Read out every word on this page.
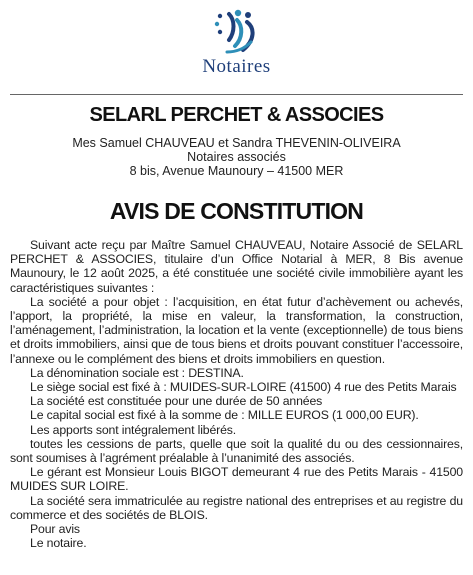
Notaires
SELARL PERCHET & ASSOCIES
Mes Samuel CHAUVEAU et Sandra THEVENIN-OLIVEIRA
Notaires associés
8 bis, Avenue Maunoury – 41500 MER
AVIS DE CONSTITUTION

Suivant acte reçu par Maître Samuel CHAUVEAU, Notaire Associé de SELARL PERCHET & ASSOCIES, titulaire d’un Office Notarial à MER, 8 Bis avenue Maunoury, le 12 août 2025, a été constituée une société civile immobilière ayant les caractéristiques suivantes :

La société a pour objet : l’acquisition, en état futur d’achèvement ou achevés, l’apport, la propriété, la mise en valeur, la transformation, la construction, l’aménagement, l’administration, la location et la vente (exceptionnelle) de tous biens et droits immobiliers, ainsi que de tous biens et droits pouvant constituer l’accessoire, l’annexe ou le complément des biens et droits immobiliers en question.

La dénomination sociale est : DESTINA.

Le siège social est fixé à : MUIDES-SUR-LOIRE (41500) 4 rue des Petits Marais

La société est constituée pour une durée de 50 années

Le capital social est fixé à la somme de : MILLE EUROS (1 000,00 EUR).

Les apports sont intégralement libérés.

toutes les cessions de parts, quelle que soit la qualité du ou des cessionnaires, sont soumises à l’agrément préalable à l’unanimité des associés.

Le gérant est Monsieur Louis BIGOT demeurant 4 rue des Petits Marais - 41500 MUIDES SUR LOIRE.

La société sera immatriculée au registre national des entreprises et au registre du commerce et des sociétés de BLOIS.

Pour avis

Le notaire.
